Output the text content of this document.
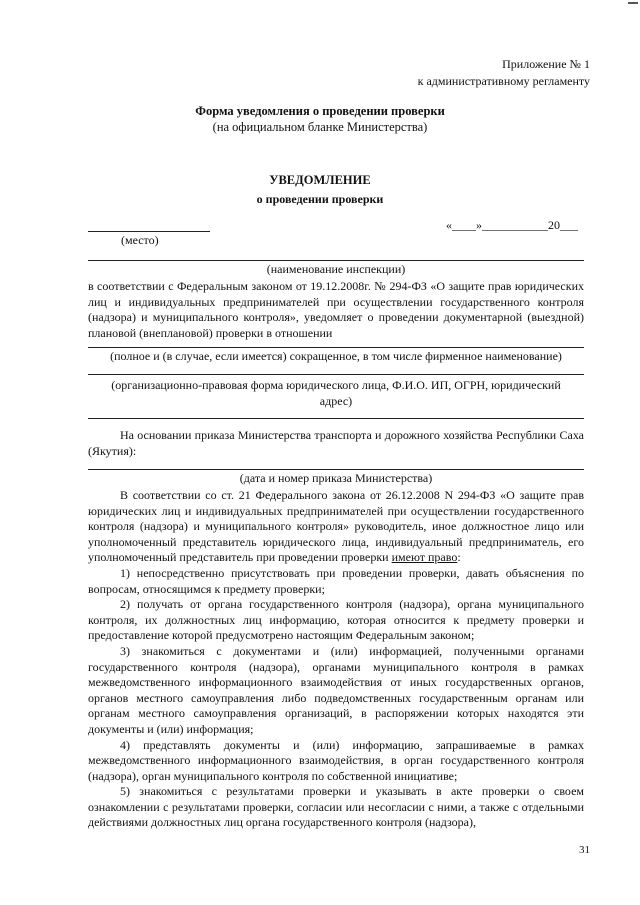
Приложение № 1
к административному регламенту
Форма уведомления о проведении проверки
(на официальном бланке Министерства)
УВЕДОМЛЕНИЕ
о проведении проверки
(место)
«____»___________20___
(наименование инспекции)
в соответствии с Федеральным законом от 19.12.2008г. № 294-ФЗ «О защите прав юридических лиц и индивидуальных предпринимателей при осуществлении государственного контроля (надзора) и муниципального контроля», уведомляет о проведении документарной (выездной) плановой (внеплановой) проверки в отношении
(полное и (в случае, если имеется) сокращенное, в том числе фирменное наименование)
(организационно-правовая форма юридического лица, Ф.И.О. ИП, ОГРН, юридический адрес)
На основании приказа Министерства транспорта и дорожного хозяйства Республики Саха (Якутия):
(дата и номер приказа Министерства)

В соответствии со ст. 21 Федерального закона от 26.12.2008 N 294-ФЗ «О защите прав юридических лиц и индивидуальных предпринимателей при осуществлении государственного контроля (надзора) и муниципального контроля» руководитель, иное должностное лицо или уполномоченный представитель юридического лица, индивидуальный предприниматель, его уполномоченный представитель при проведении проверки имеют право:

1) непосредственно присутствовать при проведении проверки, давать объяснения по вопросам, относящимся к предмету проверки;

2) получать от органа государственного контроля (надзора), органа муниципального контроля, их должностных лиц информацию, которая относится к предмету проверки и предоставление которой предусмотрено настоящим Федеральным законом;

3) знакомиться с документами и (или) информацией, полученными органами государственного контроля (надзора), органами муниципального контроля в рамках межведомственного информационного взаимодействия от иных государственных органов, органов местного самоуправления либо подведомственных государственным органам или органам местного самоуправления организаций, в распоряжении которых находятся эти документы и (или) информация;

4) представлять документы и (или) информацию, запрашиваемые в рамках межведомственного информационного взаимодействия, в орган государственного контроля (надзора), орган муниципального контроля по собственной инициативе;

5) знакомиться с результатами проверки и указывать в акте проверки о своем ознакомлении с результатами проверки, согласии или несогласии с ними, а также с отдельными действиями должностных лиц органа государственного контроля (надзора),

31
